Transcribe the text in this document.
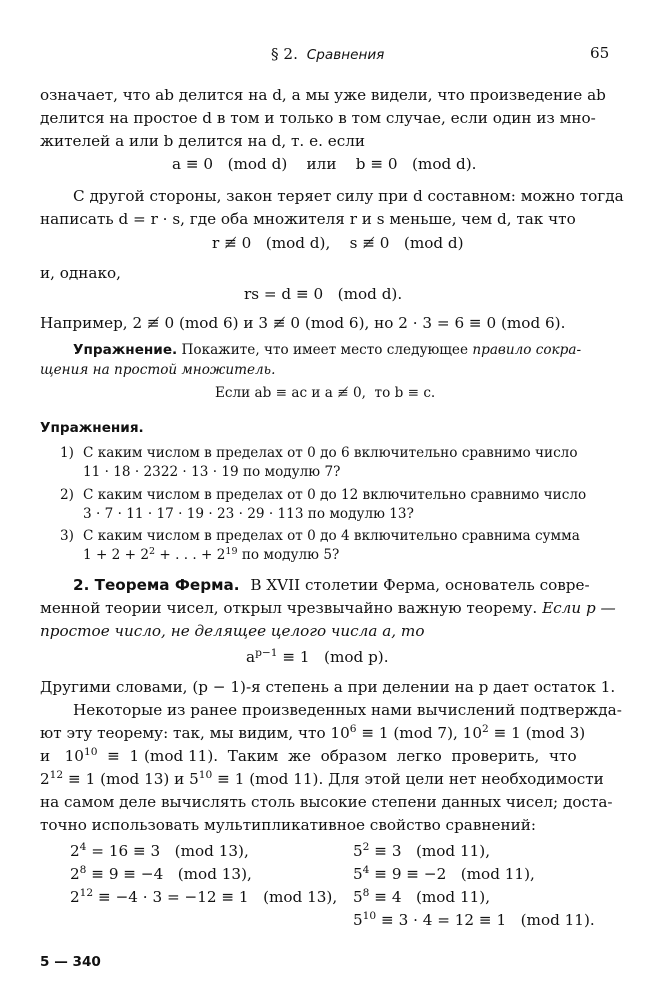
§ 2. Сравнения	65
означает, что ab делится на d, а мы уже видели, что произведение ab
делится на простое d в том и только в том случае, если один из мно-
жителей a или b делится на d, т. е. если
a ≡ 0   (mod d)    или    b ≡ 0   (mod d).
С другой стороны, закон теряет силу при d составном: можно тогда
написать d = r · s, где оба множителя r и s меньше, чем d, так что
r ≢ 0   (mod d),    s ≢ 0   (mod d)
и, однако,
rs = d ≡ 0   (mod d).
Например, 2 ≢ 0 (mod 6) и 3 ≢ 0 (mod 6), но 2 · 3 = 6 ≡ 0 (mod 6).
Упражнение. Покажите, что имеет место следующее правило сокра-
щения на простой множитель.
Если ab ≡ ac и a ≢ 0,  то b ≡ c.
Упражнения.
1) С каким числом в пределах от 0 до 6 включительно сравнимо число
11 · 18 · 2322 · 13 · 19 по модулю 7?
2) С каким числом в пределах от 0 до 12 включительно сравнимо число
3 · 7 · 11 · 17 · 19 · 23 · 29 · 113 по модулю 13?
3) С каким числом в пределах от 0 до 4 включительно сравнима сумма
$1 + 2 + 2^2$ + . . . + $2^{19}$ по модулю 5?
2. Теорема Ферма. В XVII столетии Ферма, основатель совре-
менной теории чисел, открыл чрезвычайно важную теорему. Если p —
простое число, не делящее целого числа a, то
$a^{p-1} \equiv 1$   (mod p).
Другими словами, (p − 1)-я степень a при делении на p дает остаток 1.
Некоторые из ранее произведенных нами вычислений подтвержда-
ют эту теорему: так, мы видим, что $10^6 \equiv 1$ (mod 7), $10^2 \equiv 1$ (mod 3)
и   $10^{10} \equiv 1$ (mod 11).  Таким  же  образом  легко  проверить,  что
$2^{12} \equiv 1$ (mod 13) и $5^{10} \equiv 1$ (mod 11). Для этой цели нет необходимости
на самом деле вычислять столь высокие степени данных чисел; доста-
точно использовать мультипликативное свойство сравнений:
$2^4 = 16 \equiv 3$   (mod 13),
$2^8 \equiv 9 \equiv -4$   (mod 13),
$2^{12} \equiv -4 \cdot 3 = -12 \equiv 1$   (mod 13),
$5^2 \equiv 3$   (mod 11),
$5^4 \equiv 9 \equiv -2$   (mod 11),
$5^8 \equiv 4$   (mod 11),
$5^{10} \equiv 3 \cdot 4 = 12 \equiv 1$   (mod 11).
5 — 340
